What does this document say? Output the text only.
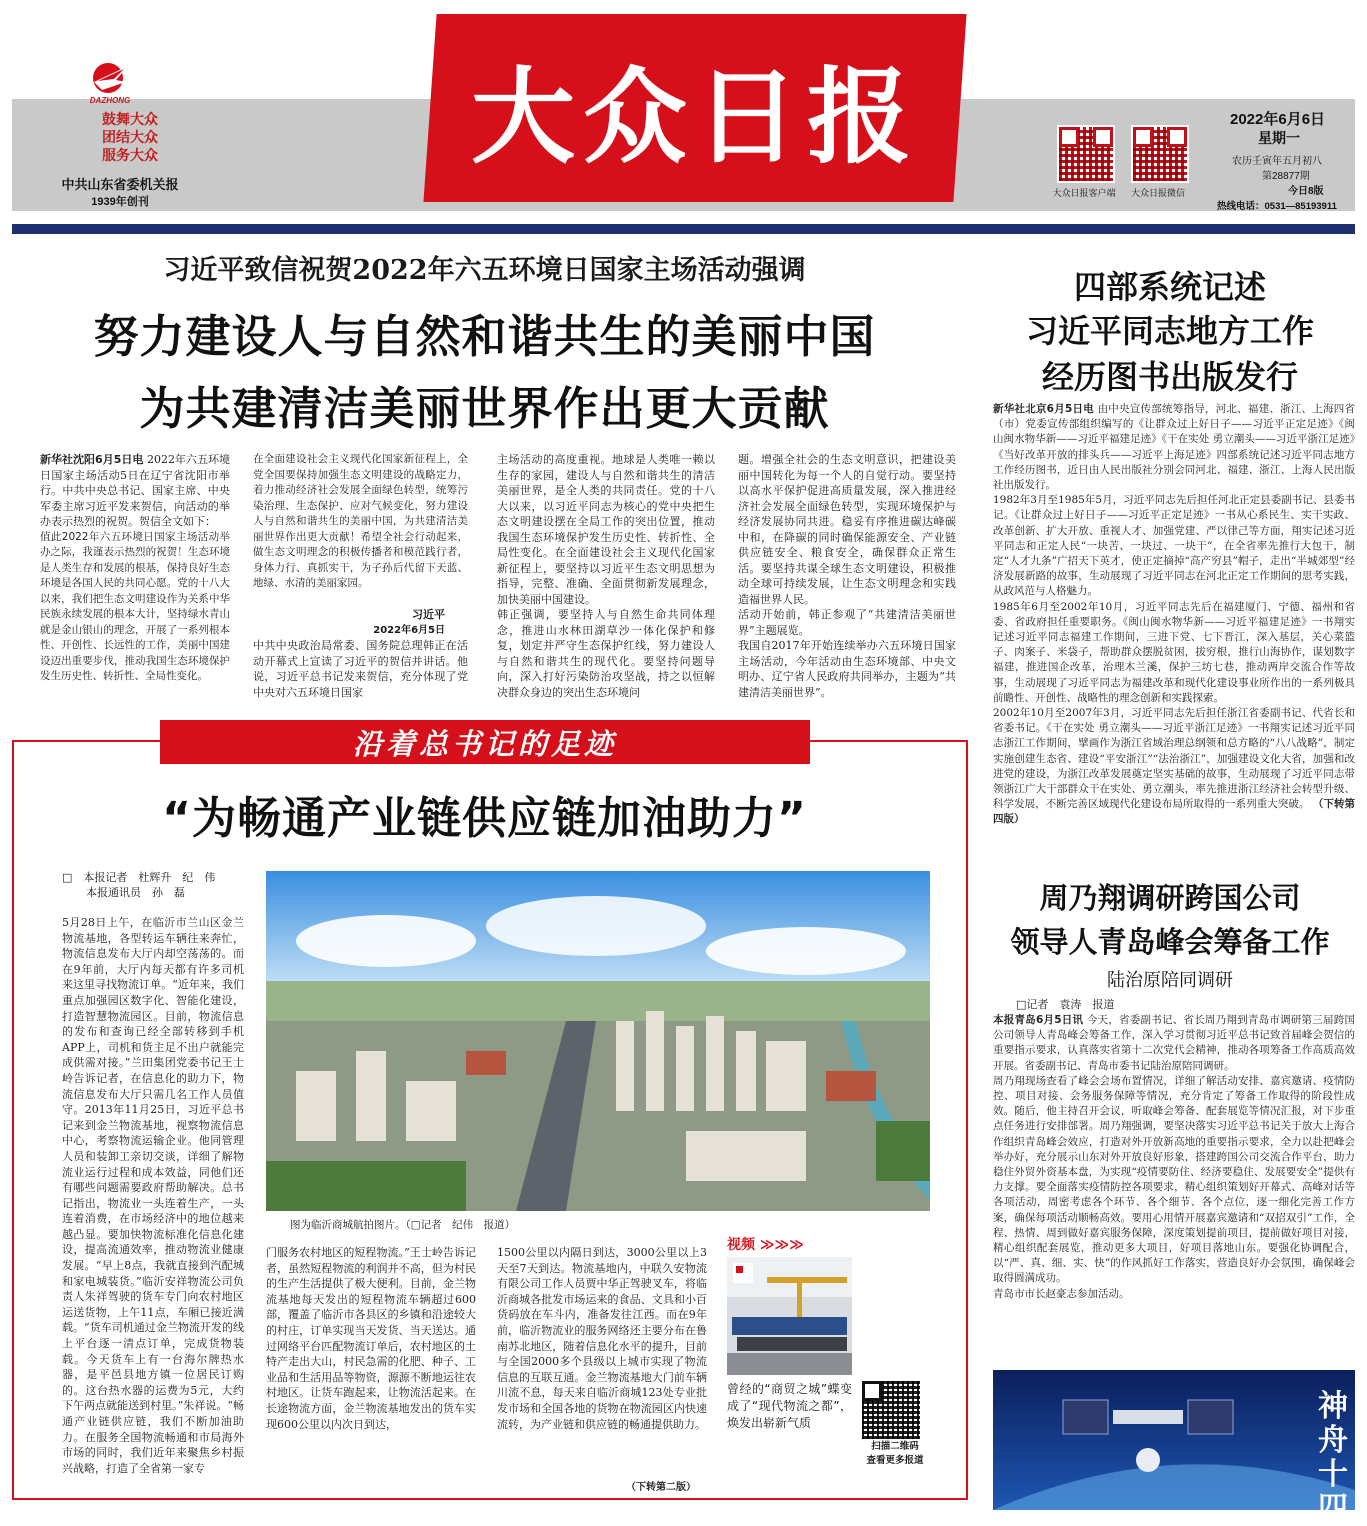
DAZHONG
鼓舞大众
团结大众
服务大众
中共山东省委机关报
1939年创刊
大众日报
大众日报客户端	大众日报微信
2022年6月6日
星期一
农历壬寅年五月初八
第28877期
今日8版
热线电话：0531—85193911
习近平致信祝贺2022年六五环境日国家主场活动强调
努力建设人与自然和谐共生的美丽中国
为共建清洁美丽世界作出更大贡献
新华社沈阳6月5日电 2022年六五环境日国家主场活动5日在辽宁省沈阳市举行。中共中央总书记、国家主席、中央军委主席习近平发来贺信，向活动的举办表示热烈的祝贺。贺信全文如下：
值此2022年六五环境日国家主场活动举办之际，我谨表示热烈的祝贺！生态环境是人类生存和发展的根基，保持良好生态环境是各国人民的共同心愿。党的十八大以来，我们把生态文明建设作为关系中华民族永续发展的根本大计，坚持绿水青山就是金山银山的理念，开展了一系列根本性、开创性、长远性的工作，美丽中国建设迈出重要步伐，推动我国生态环境保护发生历史性、转折性、全局性变化。
在全面建设社会主义现代化国家新征程上，全党全国要保持加强生态文明建设的战略定力，着力推动经济社会发展全面绿色转型，统筹污染治理、生态保护、应对气候变化，努力建设人与自然和谐共生的美丽中国，为共建清洁美丽世界作出更大贡献！希望全社会行动起来，做生态文明理念的积极传播者和模范践行者，身体力行、真抓实干，为子孙后代留下天蓝、地绿、水清的美丽家园。
习近平
2022年6月5日
中共中央政治局常委、国务院总理韩正在活动开幕式上宣读了习近平的贺信并讲话。他说，习近平总书记发来贺信，充分体现了党中央对六五环境日国家
主场活动的高度重视。地球是人类唯一赖以生存的家园，建设人与自然和谐共生的清洁美丽世界，是全人类的共同责任。党的十八大以来，以习近平同志为核心的党中央把生态文明建设摆在全局工作的突出位置，推动我国生态环境保护发生历史性、转折性、全局性变化。在全面建设社会主义现代化国家新征程上，要坚持以习近平生态文明思想为指导，完整、准确、全面贯彻新发展理念，加快美丽中国建设。
韩正强调，要坚持人与自然生命共同体理念，推进山水林田湖草沙一体化保护和修复，划定并严守生态保护红线，努力建设人与自然和谐共生的现代化。要坚持问题导向，深入打好污染防治攻坚战，持之以恒解决群众身边的突出生态环境问
题。增强全社会的生态文明意识，把建设美丽中国转化为每一个人的自觉行动。要坚持以高水平保护促进高质量发展，深入推进经济社会发展全面绿色转型，实现环境保护与经济发展协同共进。稳妥有序推进碳达峰碳中和，在降碳的同时确保能源安全、产业链供应链安全、粮食安全，确保群众正常生活。要坚持共谋全球生态文明建设，积极推动全球可持续发展，让生态文明理念和实践造福世界人民。
活动开始前，韩正参观了“共建清洁美丽世界”主题展览。
我国自2017年开始连续举办六五环境日国家主场活动，今年活动由生态环境部、中央文明办、辽宁省人民政府共同举办，主题为“共建清洁美丽世界”。
四部系统记述
习近平同志地方工作
经历图书出版发行
新华社北京6月5日电 由中央宣传部统筹指导，河北、福建、浙江、上海四省（市）党委宣传部组织编写的《让群众过上好日子——习近平正定足迹》《闽山闽水物华新——习近平福建足迹》《干在实处 勇立潮头——习近平浙江足迹》《当好改革开放的排头兵——习近平上海足迹》四部系统记述习近平同志地方工作经历图书，近日由人民出版社分别会同河北、福建、浙江、上海人民出版社出版发行。
1982年3月至1985年5月，习近平同志先后担任河北正定县委副书记、县委书记。《让群众过上好日子——习近平正定足迹》一书从心系民生、实干实政、改革创新、扩大开放、重视人才、加强党建、严以律己等方面，翔实记述习近平同志和正定人民“一块苦、一块过、一块干”，在全省率先推行大包干，制定“人才九条”广招天下英才，使正定摘掉“高产穷县”帽子，走出“半城郊型”经济发展新路的故事，生动展现了习近平同志在河北正定工作期间的思考实践，从政风范与人格魅力。
1985年6月至2002年10月，习近平同志先后在福建厦门、宁德、福州和省委、省政府担任重要职务。《闽山闽水物华新——习近平福建足迹》一书翔实记述习近平同志福建工作期间，三进下党、七下晋江，深入基层，关心菜篮子、肉案子、米袋子，帮助群众摆脱贫困，拔穷根，推行山海协作，谋划数字福建，推进国企改革，治理木兰溪，保护三坊七巷，推动两岸交流合作等故事，生动展现了习近平同志为福建改革和现代化建设事业所作出的一系列极具前瞻性、开创性、战略性的理念创新和实践探索。
2002年10月至2007年3月，习近平同志先后担任浙江省委副书记、代省长和省委书记。《干在实处 勇立潮头——习近平浙江足迹》一书翔实记述习近平同志浙江工作期间，擘画作为浙江省域治理总纲领和总方略的“八八战略”，制定实施创建生态省、建设“平安浙江”“法治浙江”，加强建设文化大省，加强和改进党的建设，为浙江改革发展奠定坚实基础的故事，生动展现了习近平同志带领浙江广大干部群众干在实处、勇立潮头，率先推进浙江经济社会转型升级、科学发展，不断完善区域现代化建设布局所取得的一系列重大突破。 （下转第四版）
周乃翔调研跨国公司
领导人青岛峰会筹备工作
陆治原陪同调研
□记者　袁涛　报道
本报青岛6月5日讯 今天，省委副书记、省长周乃翔到青岛市调研第三届跨国公司领导人青岛峰会筹备工作，深入学习贯彻习近平总书记致首届峰会贺信的重要指示要求，认真落实省第十二次党代会精神，推动各项筹备工作高质高效开展。省委副书记、青岛市委书记陆治原陪同调研。
周乃翔现场查看了峰会会场布置情况，详细了解活动安排、嘉宾邀请、疫情防控、项目对接、会务服务保障等情况，充分肯定了筹备工作取得的阶段性成效。随后，他主持召开会议，听取峰会筹备、配套展览等情况汇报，对下步重点任务进行安排部署。周乃翔强调，要坚决落实习近平总书记关于放大上海合作组织青岛峰会效应，打造对外开放新高地的重要指示要求，全力以赴把峰会举办好，充分展示山东对外开放良好形象，搭建跨国公司交流合作平台，助力稳住外贸外资基本盘，为实现“疫情要防住、经济要稳住、发展要安全”提供有力支撑。要全面落实疫情防控各项要求，精心组织策划好开幕式、高峰对话等各项活动，周密考虑各个环节、各个细节、各个点位，逐一细化完善工作方案，确保每项活动顺畅高效。要用心用情开展嘉宾邀请和“双招双引”工作，全程、热情、周到做好嘉宾服务保障，深度策划提前项目，提前做好项目对接，精心组织配套展览，推动更多大项目，好项目落地山东。要强化协调配合，以“严、真、细、实、快”的作风抓好工作落实，营造良好办会氛围，确保峰会取得圆满成功。
青岛市市长赵豪志参加活动。
神舟十四
沿着总书记的足迹
“为畅通产业链供应链加油助力”
□　本报记者　杜辉升　纪　伟
本报通讯员　孙　磊
图为临沂商城航拍图片。（□记者　纪伟　报道）
5月28日上午，在临沂市兰山区金兰物流基地，各型转运车辆往来奔忙，物流信息发布大厅内却空荡荡的。而在9年前，大厅内每天都有许多司机来这里寻找物流订单。“近年来，我们重点加强园区数字化、智能化建设，打造智慧物流园区。目前，物流信息的发布和查询已经全部转移到手机APP上，司机和货主足不出户就能完成供需对接。”兰田集团党委书记王士岭告诉记者，在信息化的助力下，物流信息发布大厅只需几名工作人员值守。2013年11月25日，习近平总书记来到金兰物流基地，视察物流信息中心，考察物流运输企业。他同管理人员和装卸工亲切交谈，详细了解物流业运行过程和成本效益，同他们还有哪些问题需要政府帮助解决。总书记指出，物流业一头连着生产，一头连着消费，在市场经济中的地位越来越凸显。要加快物流标准化信息化建设，提高流通效率，推动物流业健康发展。“早上8点，我就直接到汽配城和家电城装货。”临沂安祥物流公司负责人朱祥驾驶的货车专门向农村地区运送货物，上午11点，车厢已接近满载。“货车司机通过金兰物流开发的线上平台逐一清点订单，完成货物装载。今天货车上有一台海尔牌热水器，是平邑县地方镇一位居民订购的。这台热水器的运费为5元，大约下午两点就能送到村里。”朱祥说。“畅通产业链供应链，我们不断加油助力。在服务全国物流畅通和市局海外市场的同时，我们近年来聚焦乡村振兴战略，打造了全省第一家专
门服务农村地区的短程物流。”王士岭告诉记者，虽然短程物流的利润并不高，但为村民的生产生活提供了极大便利。目前，金兰物流基地每天发出的短程物流车辆超过600部，覆盖了临沂市各县区的乡镇和沿途较大的村庄，订单实现当天发货、当天送达。通过网络平台匹配物流订单后，农村地区的土特产走出大山，村民急需的化肥、种子、工业品和生活用品等物资，源源不断地运往农村地区。让货车跑起来，让物流活起来。在长途物流方面，金兰物流基地发出的货车实现600公里以内次日到达，
1500公里以内隔日到达，3000公里以上3天至7天到达。物流基地内，中联久安物流有限公司工作人员贾中华正驾驶叉车，将临沂商城各批发市场运来的食品、文具和小百货码放在车斗内，准备发往江西。而在9年前，临沂物流业的服务网络还主要分布在鲁南苏北地区，随着信息化水平的提升，目前与全国2000多个县级以上城市实现了物流信息的互联互通。金兰物流基地大门前车辆川流不息，每天来自临沂商城123处专业批发市场和全国各地的货物在物流园区内快速流转，为产业链和供应链的畅通提供助力。
（下转第二版）
视频 ≫≫≫
曾经的“商贸之城”蝶变成了“现代物流之都”，焕发出崭新气质
扫描二维码
查看更多报道
